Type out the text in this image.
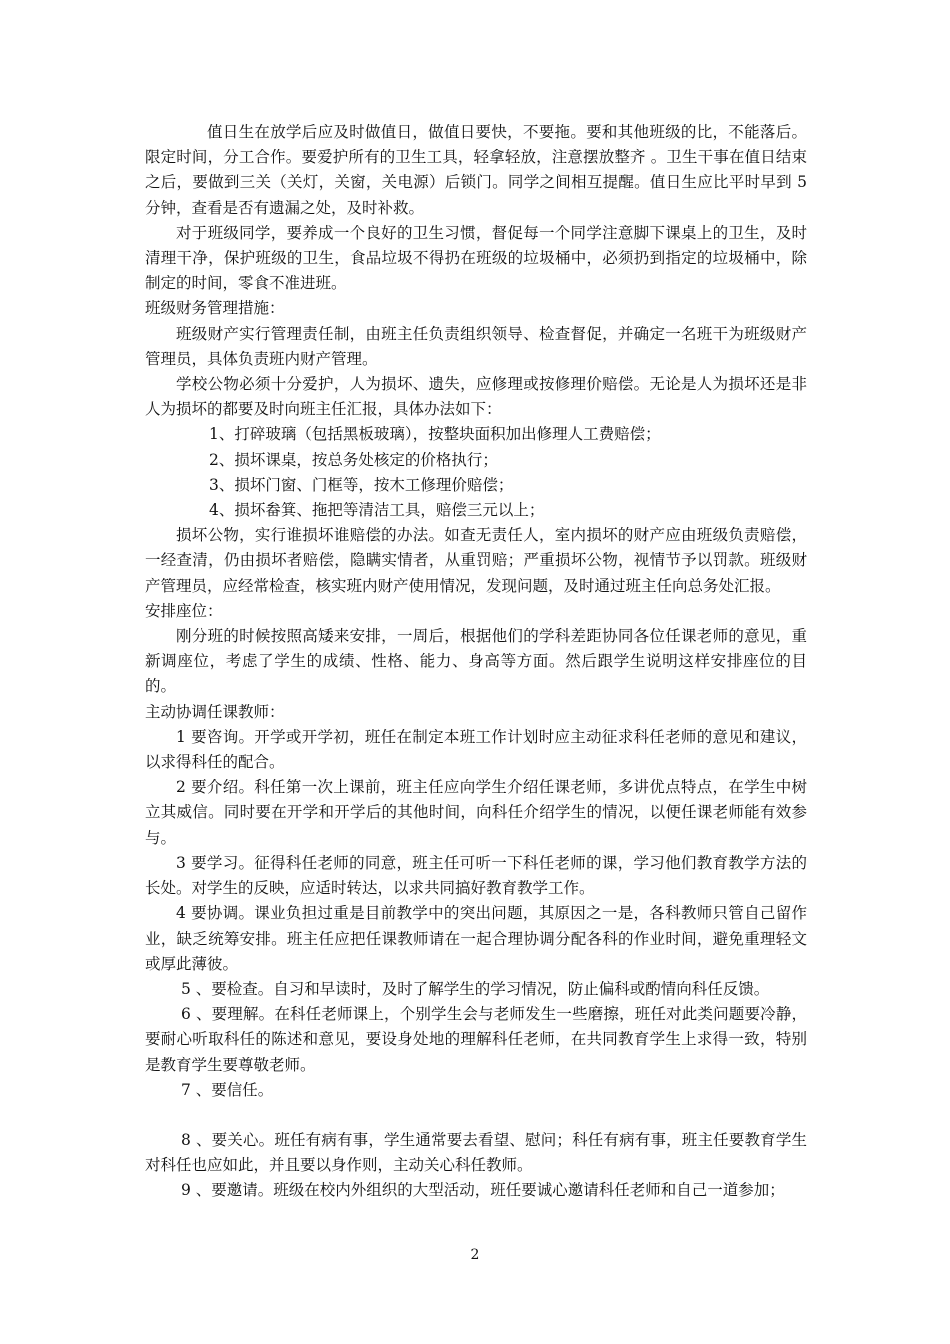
值日生在放学后应及时做值日，做值日要快，不要拖。要和其他班级的比，不能落后。限定时间，分工合作。要爱护所有的卫生工具，轻拿轻放，注意摆放整齐 。卫生干事在值日结束之后，要做到三关（关灯，关窗，关电源）后锁门。同学之间相互提醒。值日生应比平时早到 5 分钟，查看是否有遗漏之处，及时补救。

对于班级同学，要养成一个良好的卫生习惯，督促每一个同学注意脚下课桌上的卫生，及时清理干净，保护班级的卫生，食品垃圾不得扔在班级的垃圾桶中，必须扔到指定的垃圾桶中，除制定的时间，零食不准进班。

班级财务管理措施：

班级财产实行管理责任制，由班主任负责组织领导、检查督促，并确定一名班干为班级财产管理员，具体负责班内财产管理。

学校公物必须十分爱护，人为损坏、遗失，应修理或按修理价赔偿。无论是人为损坏还是非人为损坏的都要及时向班主任汇报，具体办法如下：

1、打碎玻璃（包括黑板玻璃），按整块面积加出修理人工费赔偿；

2、损坏课桌，按总务处核定的价格执行；

3、损坏门窗、门框等，按木工修理价赔偿；

4、损坏畚箕、拖把等清洁工具，赔偿三元以上；

损坏公物，实行谁损坏谁赔偿的办法。如查无责任人，室内损坏的财产应由班级负责赔偿，一经查清，仍由损坏者赔偿，隐瞒实情者，从重罚赔；严重损坏公物，视情节予以罚款。班级财产管理员，应经常检查，核实班内财产使用情况，发现问题，及时通过班主任向总务处汇报。

安排座位：

刚分班的时候按照高矮来安排，一周后，根据他们的学科差距协同各位任课老师的意见，重新调座位，考虑了学生的成绩、性格、能力、身高等方面。然后跟学生说明这样安排座位的目的。

主动协调任课教师：

1 要咨询。开学或开学初，班任在制定本班工作计划时应主动征求科任老师的意见和建议，以求得科任的配合。

2 要介绍。科任第一次上课前，班主任应向学生介绍任课老师，多讲优点特点，在学生中树立其威信。同时要在开学和开学后的其他时间，向科任介绍学生的情况，以便任课老师能有效参与。

3 要学习。征得科任老师的同意，班主任可听一下科任老师的课，学习他们教育教学方法的长处。对学生的反映，应适时转达，以求共同搞好教育教学工作。

4 要协调。课业负担过重是目前教学中的突出问题，其原因之一是，各科教师只管自己留作业，缺乏统筹安排。班主任应把任课教师请在一起合理协调分配各科的作业时间，避免重理轻文或厚此薄彼。

5 、要检查。自习和早读时，及时了解学生的学习情况，防止偏科或酌情向科任反馈。

6 、要理解。在科任老师课上，个别学生会与老师发生一些磨擦，班任对此类问题要冷静，要耐心听取科任的陈述和意见，要设身处地的理解科任老师，在共同教育学生上求得一致，特别是教育学生要尊敬老师。

7 、要信任。

8 、要关心。班任有病有事，学生通常要去看望、慰问；科任有病有事，班主任要教育学生对科任也应如此，并且要以身作则，主动关心科任教师。

9 、要邀请。班级在校内外组织的大型活动，班任要诚心邀请科任老师和自己一道参加；

2
